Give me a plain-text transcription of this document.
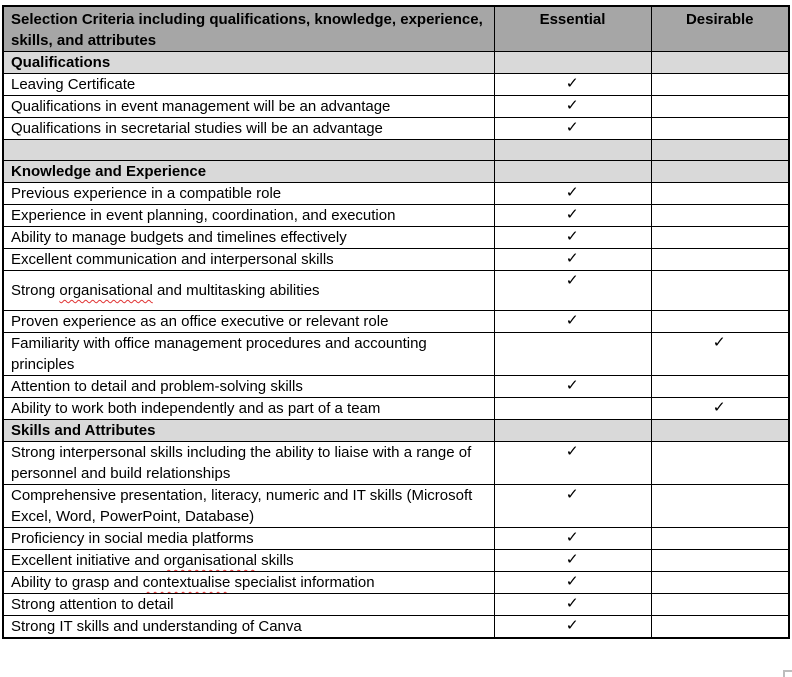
Selection Criteria including qualifications, knowledge, experience, skills, and attributes	Essential	Desirable
Qualifications		
Leaving Certificate	✓	
Qualifications in event management will be an advantage	✓	
Qualifications in secretarial studies will be an advantage	✓	

Knowledge and Experience		
Previous experience in a compatible role	✓	
Experience in event planning, coordination, and execution	✓	
Ability to manage budgets and timelines effectively	✓	
Excellent communication and interpersonal skills	✓	
Strong organisational and multitasking abilities	✓	
Proven experience as an office executive or relevant role	✓	
Familiarity with office management procedures and accounting principles		✓
Attention to detail and problem-solving skills	✓	
Ability to work both independently and as part of a team		✓
Skills and Attributes		
Strong interpersonal skills including the ability to liaise with a range of personnel and build relationships	✓	
Comprehensive presentation, literacy, numeric and IT skills (Microsoft Excel, Word, PowerPoint, Database)	✓	
Proficiency in social media platforms	✓	
Excellent initiative and organisational skills	✓	
Ability to grasp and contextualise specialist information	✓	
Strong attention to detail	✓	
Strong IT skills and understanding of Canva	✓	
